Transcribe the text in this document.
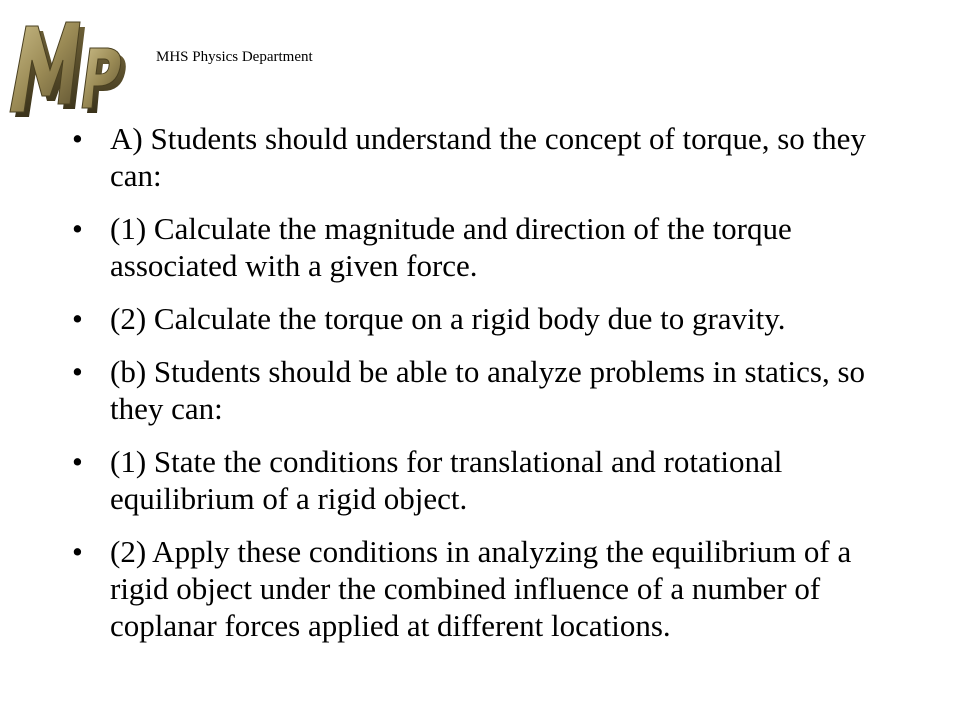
MHS Physics Department
• A) Students should understand the concept of torque, so they can:
• (1) Calculate the magnitude and direction of the torque associated with a given force.
• (2) Calculate the torque on a rigid body due to gravity.
• (b) Students should be able to analyze problems in statics, so they can:
• (1) State the conditions for translational and rotational equilibrium of a rigid object.
• (2) Apply these conditions in analyzing the equilibrium of a rigid object under the combined influence of a number of coplanar forces applied at different locations.
